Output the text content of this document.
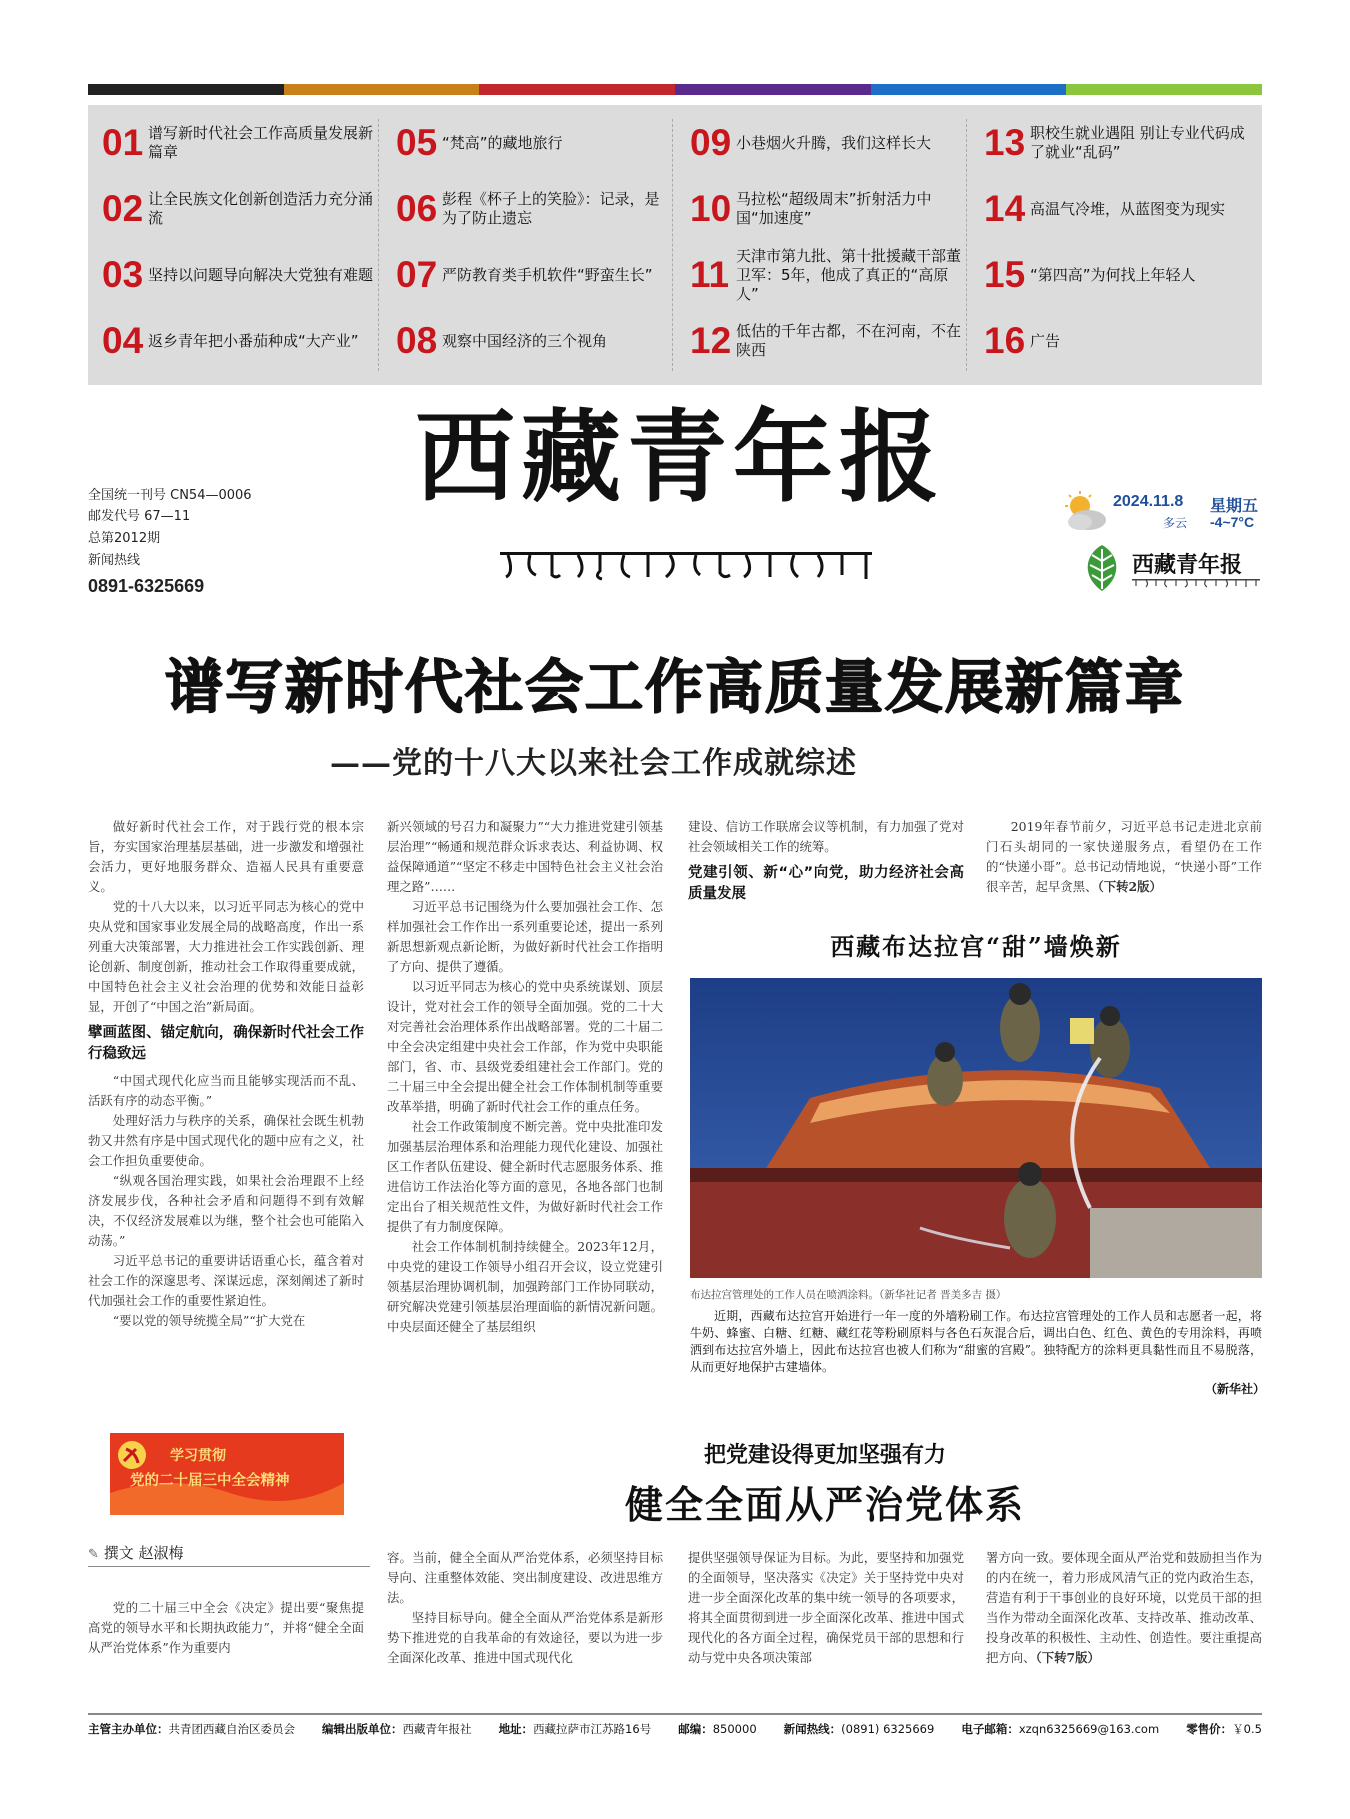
01 谱写新时代社会工作高质量发展新篇章
02 让全民族文化创新创造活力充分涌流
03 坚持以问题导向解决大党独有难题
04 返乡青年把小番茄种成“大产业”
05 “梵高”的藏地旅行
06 彭程《杯子上的笑脸》：记录，是为了防止遗忘
07 严防教育类手机软件“野蛮生长”
08 观察中国经济的三个视角
09 小巷烟火升腾，我们这样长大
10 马拉松“超级周末”折射活力中国“加速度”
11 天津市第九批、第十批援藏干部董卫军：5年，他成了真正的“高原人”
12 低估的千年古都，不在河南，不在陕西
13 职校生就业遇阻 别让专业代码成了就业“乱码”
14 高温气冷堆，从蓝图变为现实
15 “第四高”为何找上年轻人
16 广告
西藏青年报
全国统一刊号 CN54—0006
邮发代号 67—11
总第2012期
新闻热线
0891-6325669
2024.11.8 星期五
多云 -4~7°C
西藏青年报
谱写新时代社会工作高质量发展新篇章
——党的十八大以来社会工作成就综述

做好新时代社会工作，对于践行党的根本宗旨，夯实国家治理基层基础，进一步激发和增强社会活力，更好地服务群众、造福人民具有重要意义。

党的十八大以来，以习近平同志为核心的党中央从党和国家事业发展全局的战略高度，作出一系列重大决策部署，大力推进社会工作实践创新、理论创新、制度创新，推动社会工作取得重要成就，中国特色社会主义社会治理的优势和效能日益彰显，开创了“中国之治”新局面。

擘画蓝图、锚定航向，确保新时代社会工作行稳致远

“中国式现代化应当而且能够实现活而不乱、活跃有序的动态平衡。”

处理好活力与秩序的关系，确保社会既生机勃勃又井然有序是中国式现代化的题中应有之义，社会工作担负重要使命。

“纵观各国治理实践，如果社会治理跟不上经济发展步伐，各种社会矛盾和问题得不到有效解决，不仅经济发展难以为继，整个社会也可能陷入动荡。”

习近平总书记的重要讲话语重心长，蕴含着对社会工作的深邃思考、深谋远虑，深刻阐述了新时代加强社会工作的重要性紧迫性。

“要以党的领导统揽全局”“扩大党在

新兴领域的号召力和凝聚力”“大力推进党建引领基层治理”“畅通和规范群众诉求表达、利益协调、权益保障通道”“坚定不移走中国特色社会主义社会治理之路”……

习近平总书记围绕为什么要加强社会工作、怎样加强社会工作作出一系列重要论述，提出一系列新思想新观点新论断，为做好新时代社会工作指明了方向、提供了遵循。

以习近平同志为核心的党中央系统谋划、顶层设计，党对社会工作的领导全面加强。党的二十大对完善社会治理体系作出战略部署。党的二十届二中全会决定组建中央社会工作部，作为党中央职能部门，省、市、县级党委组建社会工作部门。党的二十届三中全会提出健全社会工作体制机制等重要改革举措，明确了新时代社会工作的重点任务。

社会工作政策制度不断完善。党中央批准印发加强基层治理体系和治理能力现代化建设、加强社区工作者队伍建设、健全新时代志愿服务体系、推进信访工作法治化等方面的意见，各地各部门也制定出台了相关规范性文件，为做好新时代社会工作提供了有力制度保障。

社会工作体制机制持续健全。2023年12月，中央党的建设工作领导小组召开会议，设立党建引领基层治理协调机制，加强跨部门工作协同联动，研究解决党建引领基层治理面临的新情况新问题。中央层面还健全了基层组织

建设、信访工作联席会议等机制，有力加强了党对社会领域相关工作的统筹。

党建引领、新“心”向党，助力经济社会高质量发展

2019年春节前夕，习近平总书记走进北京前门石头胡同的一家快递服务点，看望仍在工作的“快递小哥”。总书记动情地说，“快递小哥”工作很辛苦，起早贪黑、（下转2版）

西藏布达拉宫“甜”墙焕新
布达拉宫管理处的工作人员在喷洒涂料。（新华社记者 晋美多吉 摄）

近期，西藏布达拉宫开始进行一年一度的外墙粉刷工作。布达拉宫管理处的工作人员和志愿者一起，将牛奶、蜂蜜、白糖、红糖、藏红花等粉刷原料与各色石灰混合后，调出白色、红色、黄色的专用涂料，再喷洒到布达拉宫外墙上，因此布达拉宫也被人们称为“甜蜜的宫殿”。独特配方的涂料更具黏性而且不易脱落，从而更好地保护古建墙体。

（新华社）
学习贯彻
党的二十届三中全会精神
把党建设得更加坚强有力
健全全面从严治党体系
✎ 撰文 赵淑梅

党的二十届三中全会《决定》提出要“聚焦提高党的领导水平和长期执政能力”，并将“健全全面从严治党体系”作为重要内

容。当前，健全全面从严治党体系，必须坚持目标导向、注重整体效能、突出制度建设、改进思维方法。

坚持目标导向。健全全面从严治党体系是新形势下推进党的自我革命的有效途径，要以为进一步全面深化改革、推进中国式现代化

提供坚强领导保证为目标。为此，要坚持和加强党的全面领导，坚决落实《决定》关于坚持党中央对进一步全面深化改革的集中统一领导的各项要求，将其全面贯彻到进一步全面深化改革、推进中国式现代化的各方面全过程，确保党员干部的思想和行动与党中央各项决策部

署方向一致。要体现全面从严治党和鼓励担当作为的内在统一，着力形成风清气正的党内政治生态，营造有利于干事创业的良好环境，以党员干部的担当作为带动全面深化改革、支持改革、推动改革、投身改革的积极性、主动性、创造性。要注重提高把方向、（下转7版）

主管主办单位：共青团西藏自治区委员会 编辑出版单位：西藏青年报社 地址：西藏拉萨市江苏路16号 邮编：850000 新闻热线：(0891) 6325669 电子邮箱：xzqn6325669@163.com 零售价：￥0.5
